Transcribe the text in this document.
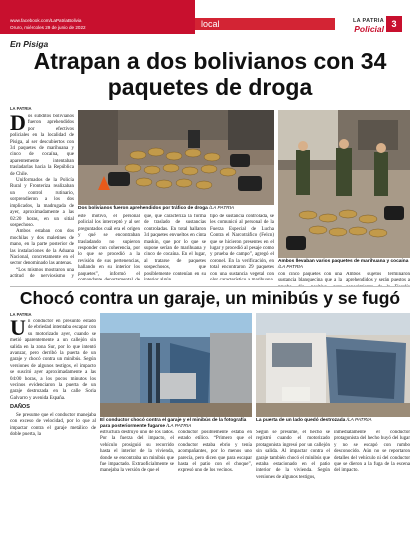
www.facebook.com/LaPatriaBolivia
Oruro, miércoles 29 de junio de 2022	local	LA PATRIA
Policial 3
En Pisiga
Atrapan a dos bolivianos con 34 paquetes de droga
LA PATRIA
D os súbditos bolivianos fueron aprehendidos por efectivos policiales en la localidad de Pisiga, al ser descubiertos con 34 paquetes de marihuana y cinco de cocaína, que aparentemente intentaban trasladarlas hacia la República de Chile.

Uniformados de la Policía Rural y Fronteriza realizaban un control rutinario, sorprendieron a los dos implicados, la madrugada de ayer, aproximadamente a las 02:20 horas, en un sitial sospechoso.

Ambos estaban con dos mochilas y dos maletines de mano, en la parte posterior de las instalaciones de la Aduana Nacional, concretamente en el sector denominado las antenas.

“Los mismos mostraron una actitud de nerviosismo y

Dos bolivianos fueron aprehendidos por tráfico de droga /LA PATRIA
este motivo, el personal policial los interceptó y al ser preguntados cuál era el origen y qué se encontraban trasladando no supieron responder con coherencia, por lo que se procedió a la revisión de sus pertenencias, hallando en su interior los paquetes”, informó el
que, que caracteriza la forma de traslado de sustancias controladas. En total hallaron 34 paquetes envueltos en cinta maskin, que por lo que se supone serían de marihuana y cinco de cocaína. En el lugar, al tratarse de paquetes sospechosos, que posiblemente contenían en su
tipo de sustancia controlada, se les comunicó al personal de la Fuerza Especial de Lucha Contra el Narcotráfico (Felcn) que se hicieron presentes en el lugar y procedió al pesaje como y prueba de campo”, agregó el coronel. En la verificación, en total encontraron 29 paquetes con una sustancia vegetal con
Ambos llevaban varios paquetes de marihuana y cocaína /LA PATRIA
con cinco paquetes con una sustancia blanquecina que a la
Ambos sujetos terminaron aprehendidos y serán puestos a
Chocó contra un garaje, un minibús y se fugó
LA PATRIA
U n conductor en presunto estado de ebriedad intentaba escapar con su motorizado ayer, cuando se metió aparentemente a un callejón sin salida en la zona Sur, por lo que intentó avanzar, pero derribó la puerta de un garaje y chocó contra un minibús. Según versiones de algunos testigos, el impacto se suscitó ayer aproximadamente a las 04:00 horas, a los pocos minutos los vecinos evidenciaron la puerta de un garaje destrozada en la calle Soria Galvarro y avenida España.

DAÑOS

Se presume que el conductor manejaba con exceso de velocidad, por lo que al impactar contra el garaje metálico de doble puerta, la

El conductor chocó contra el garaje y el minibús de la fotografía para posteriormente fugarse /LA PATRIA
La puerta de un lado quedó destrozada /LA PATRIA
estructura destruyó uno de los lados. Por la fuerza del impacto, el vehículo prosiguió su recorrido hasta el interior de la vivienda, donde se encontraba un minibús que fue impactado. Extraoficialmente se manejaba la versión de que el
conductor posiblemente estaba en estado etílico. “Primero que el conductor estaba ebrio y tenía acompañantes, por lo menos uno parecía, pero dicen que para escapar hasta el patio con el choque”, expresó uno de los vecinos.
Según se presume, el hecho se registró cuando el motorizado protagonista ingresó por un callejón sin salida. Al impactar contra el garaje también chocó el minibús que estaba estacionado en el patio interior de la vivienda. Según versiones de algunos testigos,
inmediatamente el conductor protagonista del hecho huyó del lugar y no se escapó con rumbo desconocido. Aún no se reportaron detalles del vehículo ni del conductor que se dieron a la fuga de la escena del impacto.
